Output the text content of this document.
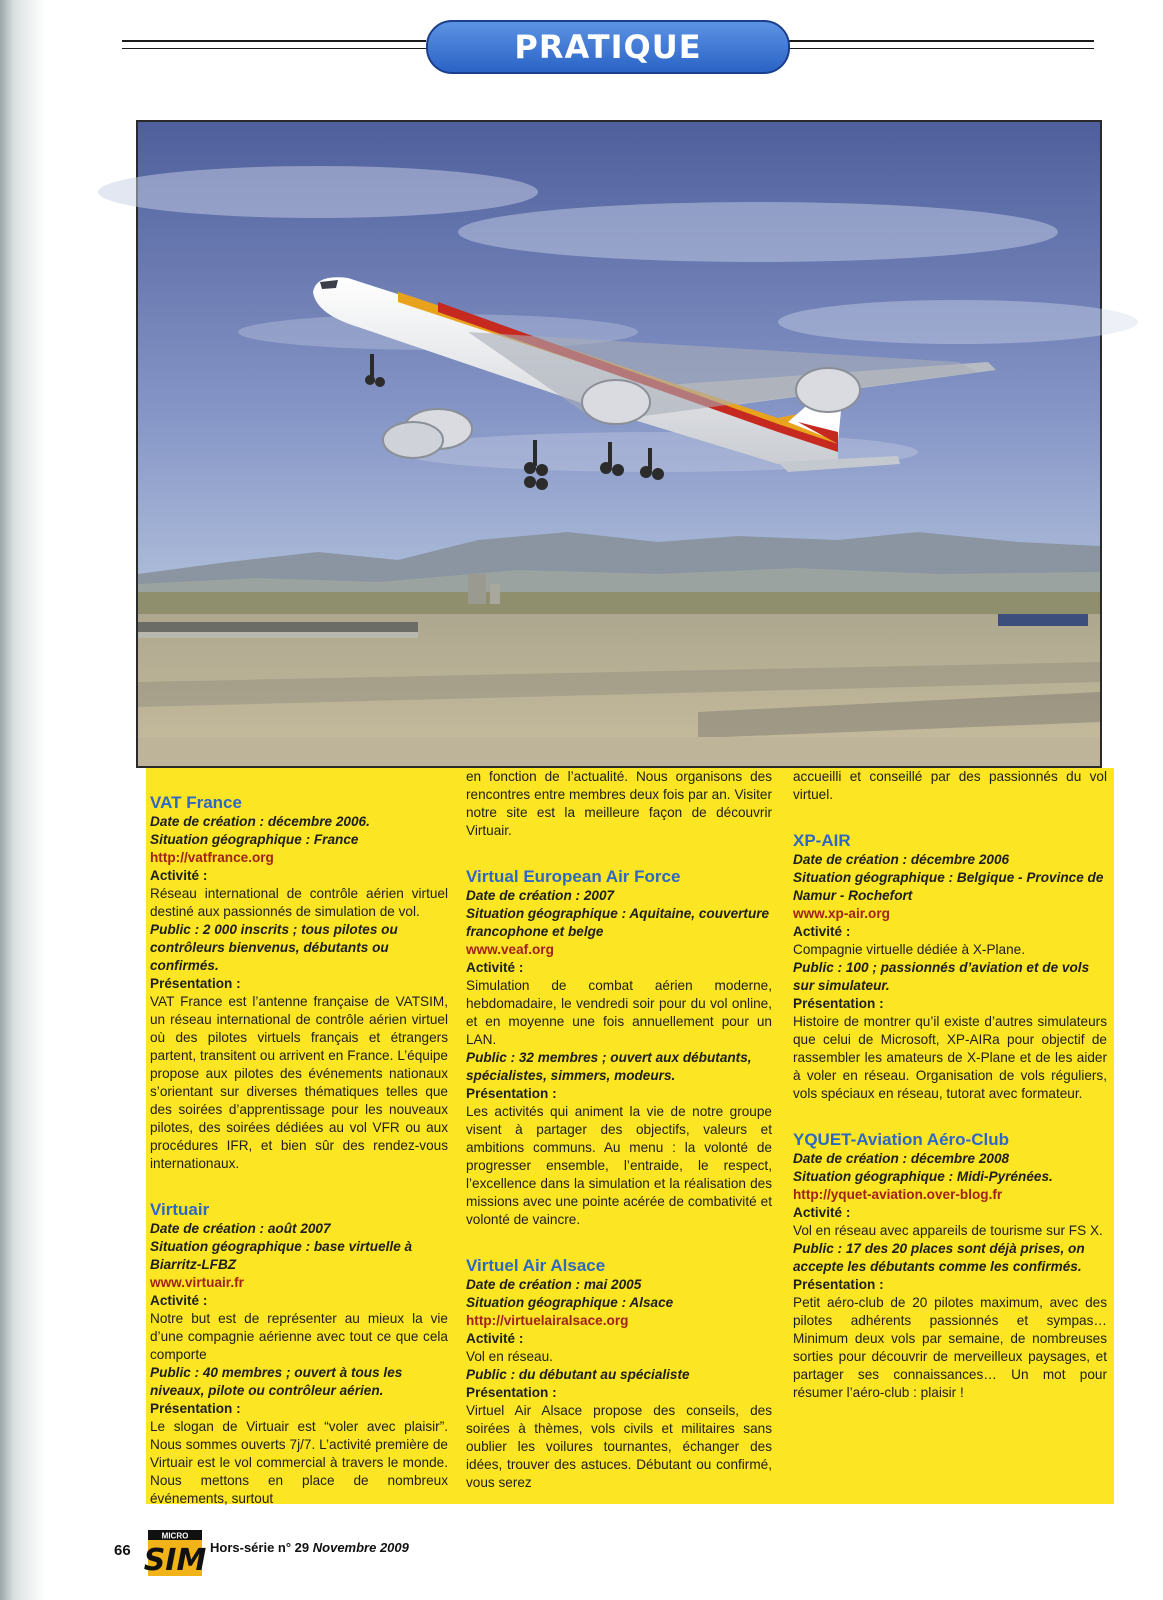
PRATIQUE
VAT France
Date de création : décembre 2006.
Situation géographique : France
http://vatfrance.org
Activité :
Réseau international de contrôle aérien virtuel destiné aux passionnés de simulation de vol.
Public : 2 000 inscrits ; tous pilotes ou contrôleurs bienvenus, débutants ou confirmés.
Présentation :
VAT France est l’antenne française de VATSIM, un réseau international de contrôle aérien virtuel où des pilotes virtuels français et étrangers partent, transitent ou arrivent en France. L’équipe propose aux pilotes des événements nationaux s’orientant sur diverses thématiques telles que des soirées d’apprentissage pour les nouveaux pilotes, des soirées dédiées au vol VFR ou aux procédures IFR, et bien sûr des rendez-vous internationaux.
Virtuair
Date de création : août 2007
Situation géographique : base virtuelle à Biarritz-LFBZ
www.virtuair.fr
Activité :
Notre but est de représenter au mieux la vie d’une compagnie aérienne avec tout ce que cela comporte
Public : 40 membres ; ouvert à tous les niveaux, pilote ou contrôleur aérien.
Présentation :
Le slogan de Virtuair est “voler avec plaisir”. Nous sommes ouverts 7j/7. L’activité première de Virtuair est le vol commercial à travers le monde. Nous mettons en place de nombreux événements, surtout
en fonction de l’actualité. Nous organisons des rencontres entre membres deux fois par an. Visiter notre site est la meilleure façon de découvrir Virtuair.
Virtual European Air Force
Date de création : 2007
Situation géographique : Aquitaine, couverture francophone et belge
www.veaf.org
Activité :
Simulation de combat aérien moderne, hebdomadaire, le vendredi soir pour du vol online, et en moyenne une fois annuellement pour un LAN.
Public : 32 membres ; ouvert aux débutants, spécialistes, simmers, modeurs.
Présentation :
Les activités qui animent la vie de notre groupe visent à partager des objectifs, valeurs et ambitions communs. Au menu : la volonté de progresser ensemble, l’entraide, le respect, l’excellence dans la simulation et la réalisation des missions avec une pointe acérée de combativité et volonté de vaincre.
Virtuel Air Alsace
Date de création : mai 2005
Situation géographique : Alsace
http://virtuelairalsace.org
Activité :
Vol en réseau.
Public : du débutant au spécialiste
Présentation :
Virtuel Air Alsace propose des conseils, des soirées à thèmes, vols civils et militaires sans oublier les voilures tournantes, échanger des idées, trouver des astuces. Débutant ou confirmé, vous serez
accueilli et conseillé par des passionnés du vol virtuel.
XP-AIR
Date de création : décembre 2006
Situation géographique : Belgique - Province de Namur - Rochefort
www.xp-air.org
Activité :
Compagnie virtuelle dédiée à X-Plane.
Public : 100 ; passionnés d’aviation et de vols sur simulateur.
Présentation :
Histoire de montrer qu’il existe d’autres simulateurs que celui de Microsoft, XP-AIRa pour objectif de rassembler les amateurs de X-Plane et de les aider à voler en réseau. Organisation de vols réguliers, vols spéciaux en réseau, tutorat avec formateur.
YQUET-Aviation Aéro-Club
Date de création : décembre 2008
Situation géographique : Midi-Pyrénées.
http://yquet-aviation.over-blog.fr
Activité :
Vol en réseau avec appareils de tourisme sur FS X.
Public : 17 des 20 places sont déjà prises, on accepte les débutants comme les confirmés.
Présentation :
Petit aéro-club de 20 pilotes maximum, avec des pilotes adhérents passionnés et sympas… Minimum deux vols par semaine, de nombreuses sorties pour découvrir de merveilleux paysages, et partager ses connaissances… Un mot pour résumer l’aéro-club : plaisir !
66
MICRO
SIM Hors-série n° 29 Novembre 2009
